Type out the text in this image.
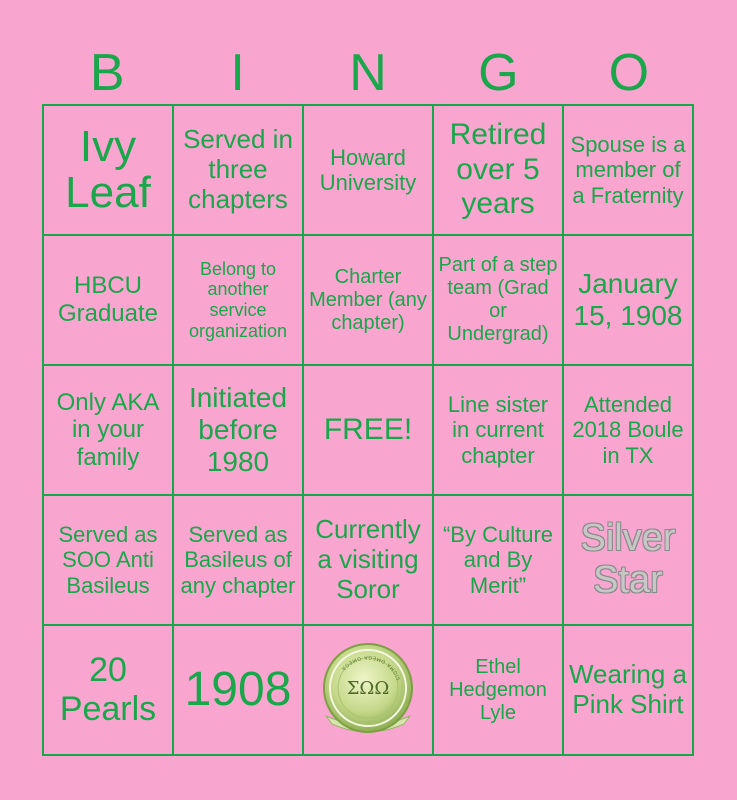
B	I	N	G	O
Ivy Leaf
Served in three chapters
Howard University
Retired over 5 years
Spouse is a member of a Fraternity
HBCU Graduate
Belong to another service organization
Charter Member (any chapter)
Part of a step team (Grad or Undergrad)
January 15, 1908
Only AKA in your family
Initiated before 1980
FREE!
Line sister in current chapter
Attended 2018 Boule in TX
Served as SOO Anti Basileus
Served as Basileus of any chapter
Currently a visiting Soror
“By Culture and By Merit”
Silver Star
20 Pearls 1908	ΣΩΩ
SIGMA OMEGA OMEGA	Ethel Hedgemon Lyle
Wearing a Pink Shirt
